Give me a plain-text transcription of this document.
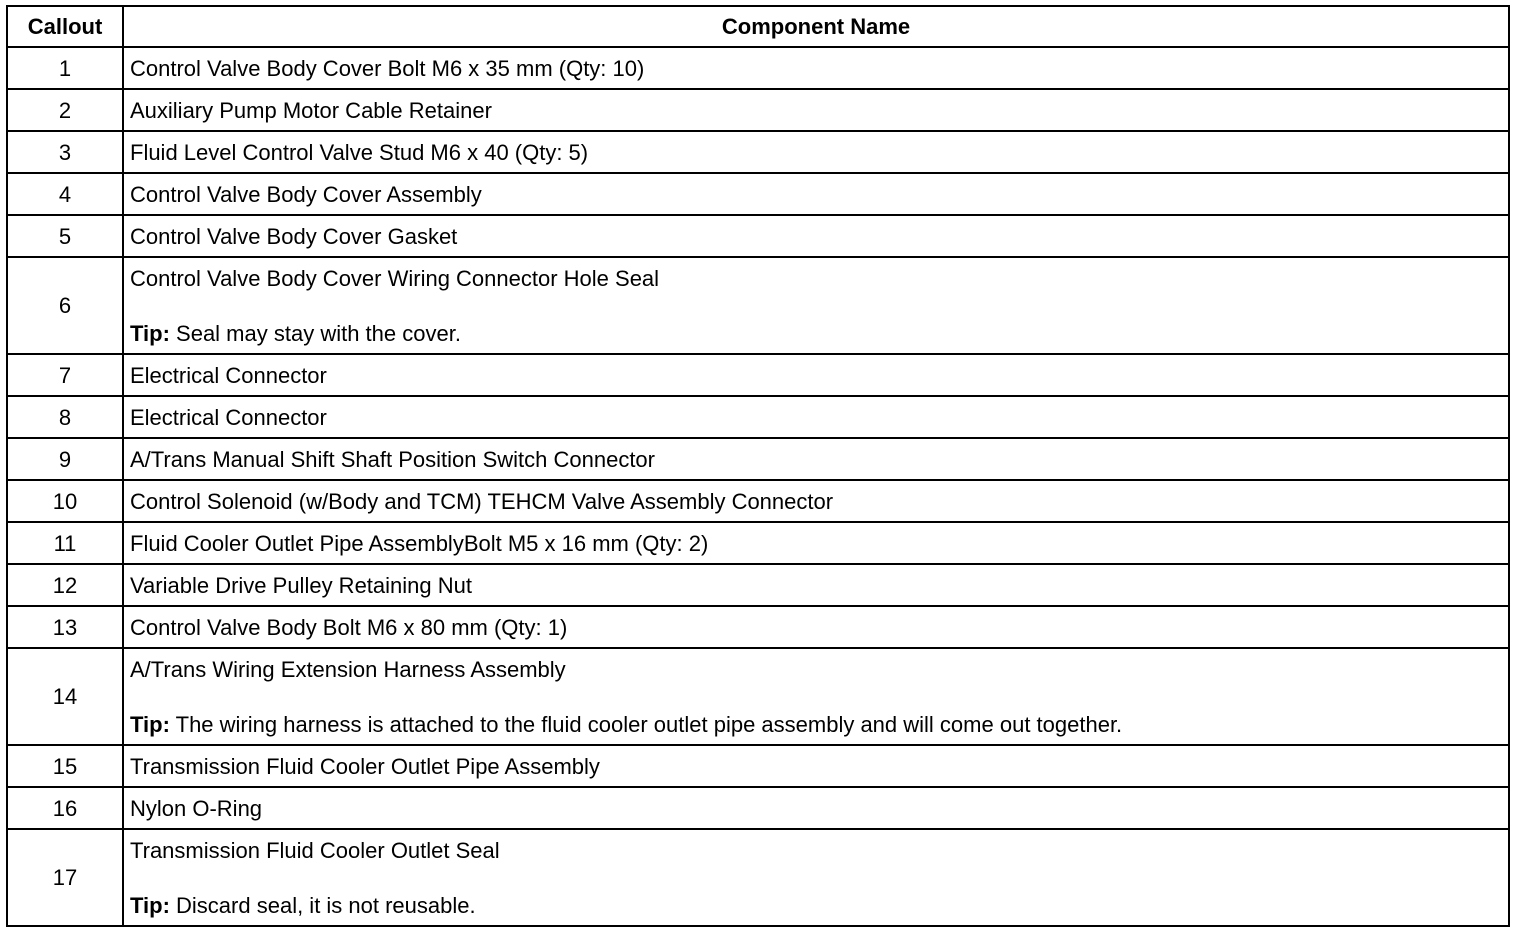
Callout	Component Name
1	Control Valve Body Cover Bolt M6 x 35 mm (Qty: 10)
2	Auxiliary Pump Motor Cable Retainer
3	Fluid Level Control Valve Stud M6 x 40 (Qty: 5)
4	Control Valve Body Cover Assembly
5	Control Valve Body Cover Gasket
6	Control Valve Body Cover Wiring Connector Hole Seal
Tip: Seal may stay with the cover.

7	Electrical Connector
8	Electrical Connector
9	A/Trans Manual Shift Shaft Position Switch Connector
10	Control Solenoid (w/Body and TCM) TEHCM Valve Assembly Connector
11	Fluid Cooler Outlet Pipe AssemblyBolt M5 x 16 mm (Qty: 2)
12	Variable Drive Pulley Retaining Nut
13	Control Valve Body Bolt M6 x 80 mm (Qty: 1)
14	A/Trans Wiring Extension Harness Assembly
Tip: The wiring harness is attached to the fluid cooler outlet pipe assembly and will come out together.

15	Transmission Fluid Cooler Outlet Pipe Assembly
16	Nylon O-Ring
17	Transmission Fluid Cooler Outlet Seal
Tip: Discard seal, it is not reusable.
